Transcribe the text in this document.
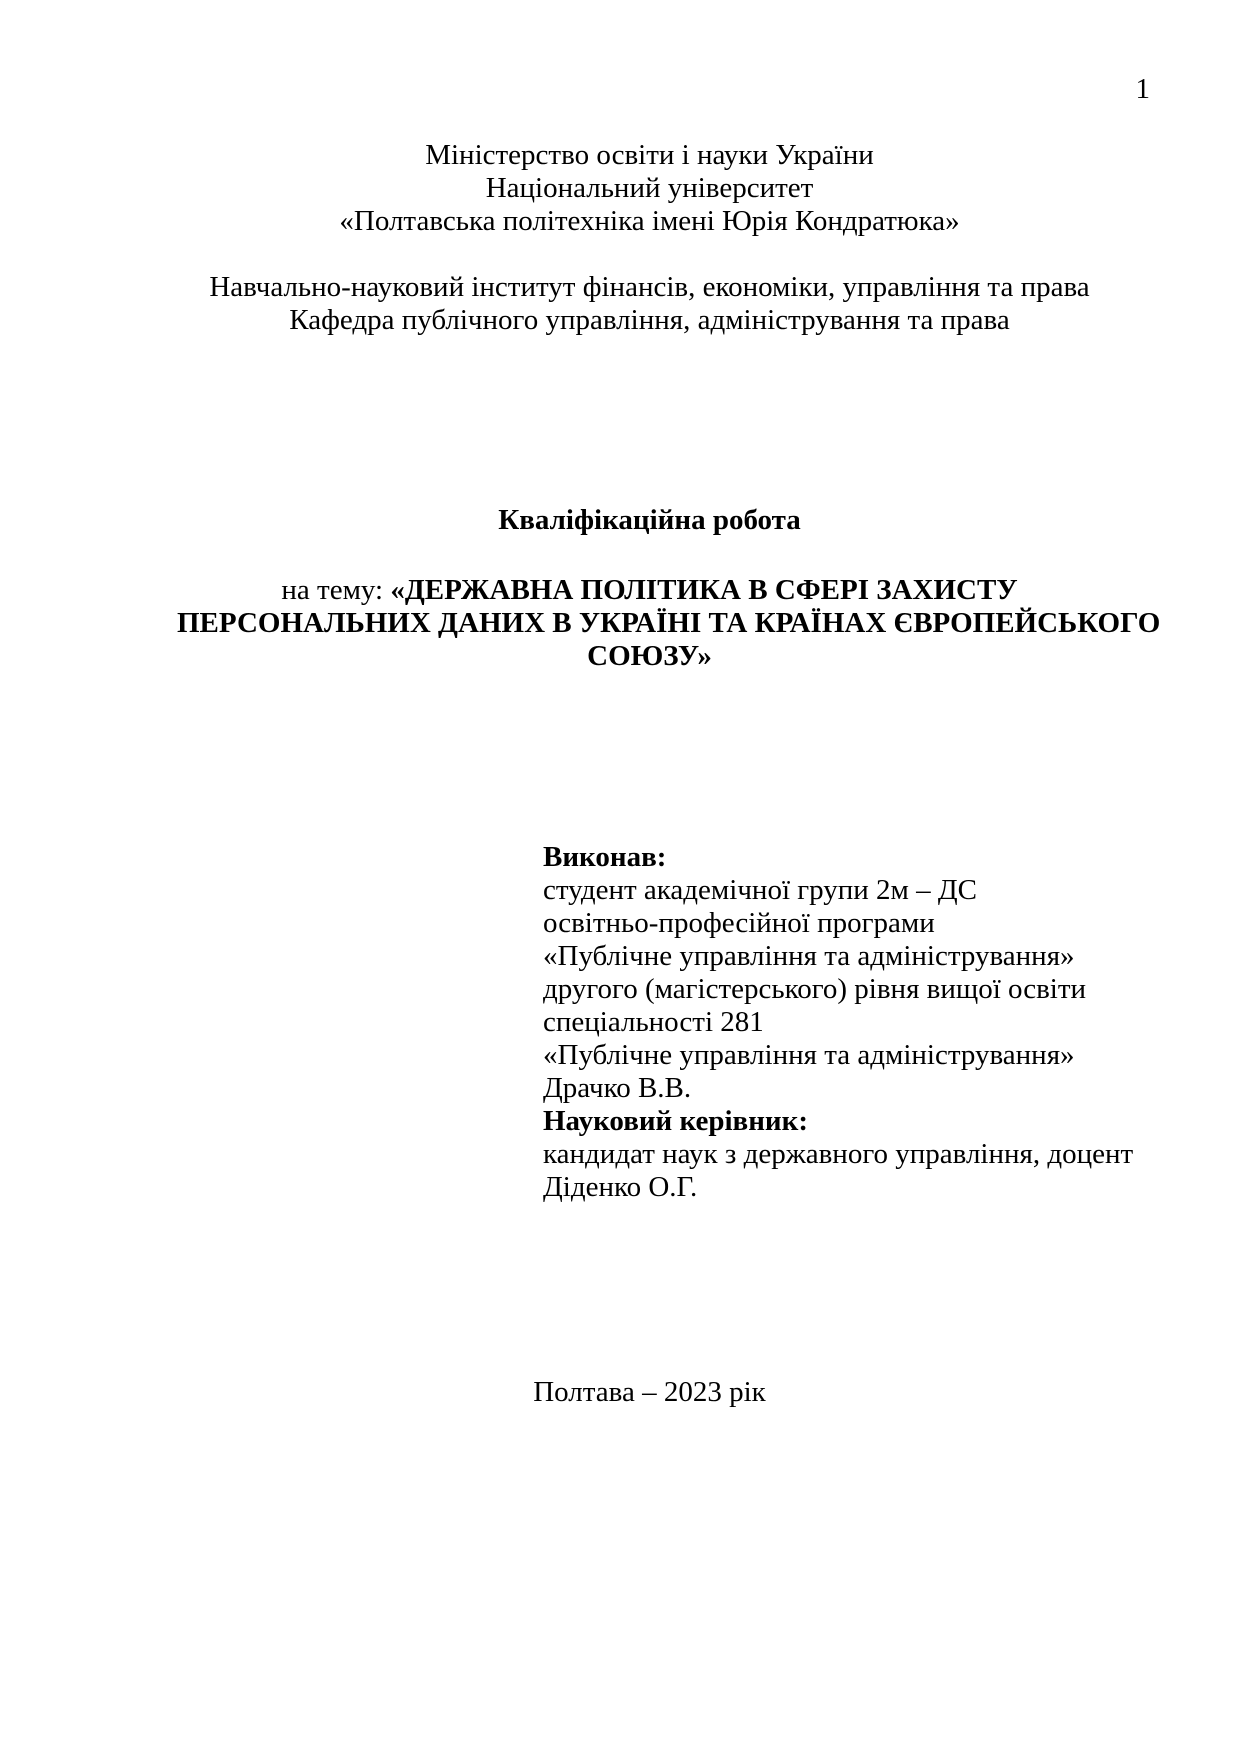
1
Міністерство освіти і науки України
Національний університет
«Полтавська політехніка імені Юрія Кондратюка»
Навчально-науковий інститут фінансів, економіки, управління та права
Кафедра публічного управління, адміністрування та права
Кваліфікаційна робота
на тему: «ДЕРЖАВНА ПОЛІТИКА В СФЕРІ ЗАХИСТУ
ПЕРСОНАЛЬНИХ ДАНИХ В УКРАЇНІ ТА КРАЇНАХ ЄВРОПЕЙСЬКОГО
СОЮЗУ»
Виконав:
студент академічної групи 2м – ДС
освітньо-професійної програми
«Публічне управління та адміністрування»
другого (магістерського) рівня вищої освіти
спеціальності 281
«Публічне управління та адміністрування»
Драчко В.В.
Науковий керівник:
кандидат наук з державного управління, доцент
Діденко О.Г.
Полтава – 2023 рік
